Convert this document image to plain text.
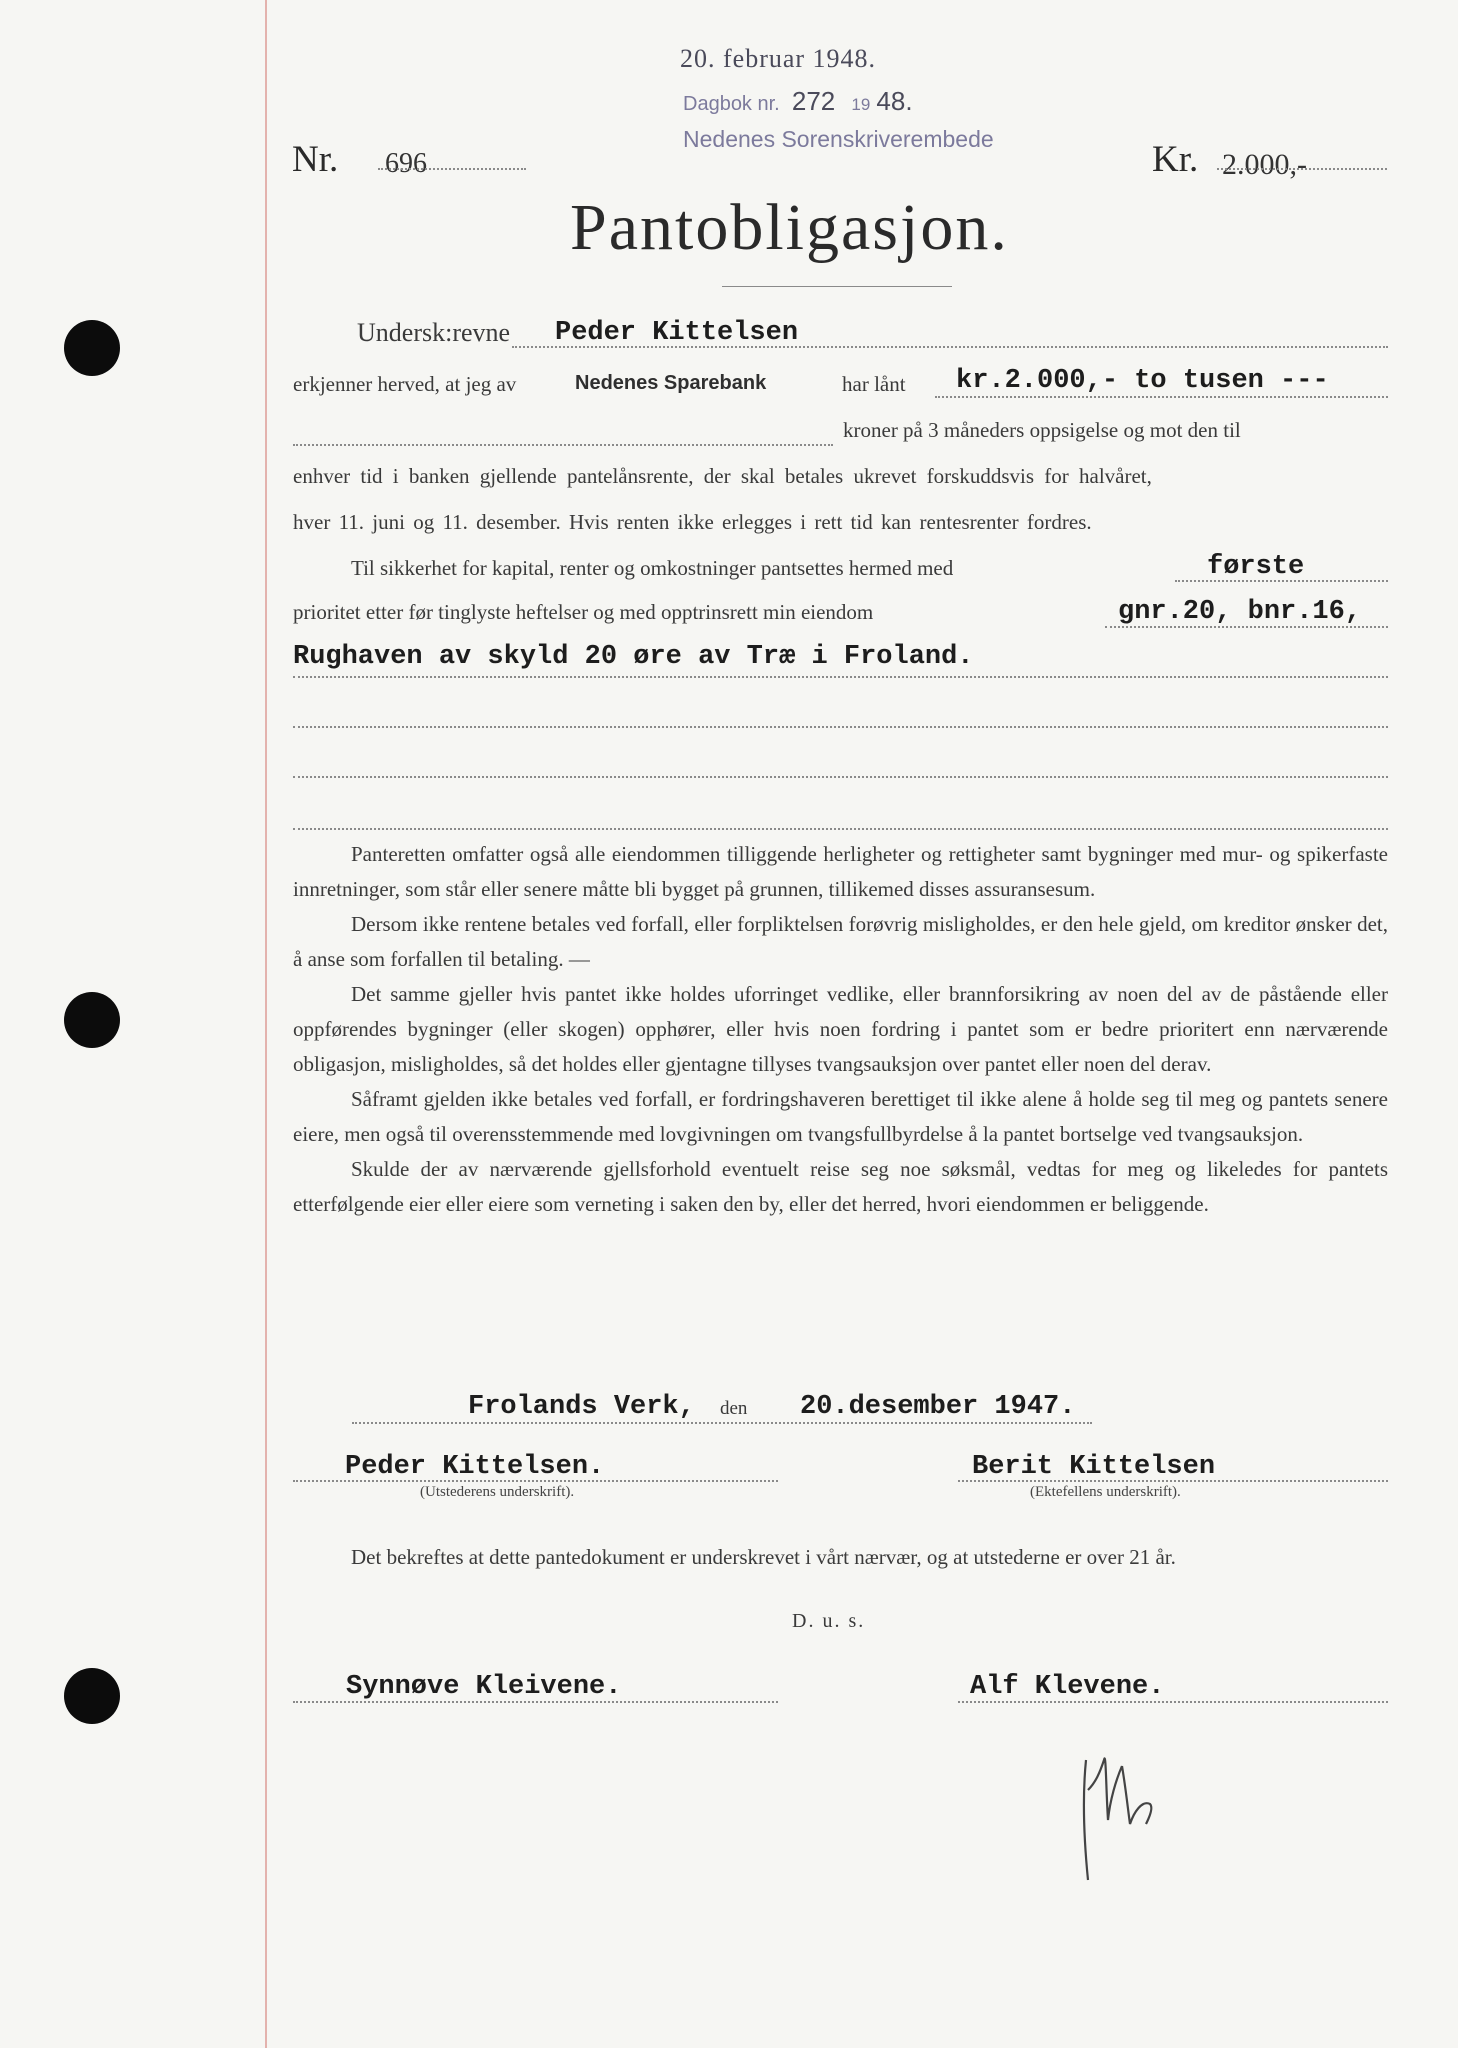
20. februar 1948.
Dagbok nr. 272 19 48.
Nedenes Sorenskriverembede
Nr. 696	Kr. 2.000,-
Pantobligasjon.
Undersk:revne Peder Kittelsen
erkjenner herved, at jeg av	Nedenes Sparebank	har lånt kr.2.000,- to tusen ---
kroner på 3 måneders oppsigelse og mot den til
enhver tid i banken gjellende pantelånsrente, der skal betales ukrevet forskuddsvis for halvåret,
hver 11. juni og 11. desember. Hvis renten ikke erlegges i rett tid kan rentesrenter fordres.
Til sikkerhet for kapital, renter og omkostninger pantsettes hermed med	første
prioritet etter før tinglyste heftelser og med opptrinsrett min eiendom	gnr.20, bnr.16,
Rughaven av skyld 20 øre av Træ i Froland.

Panteretten omfatter også alle eiendommen tilliggende herligheter og rettigheter samt bygninger med mur- og spikerfaste innretninger, som står eller senere måtte bli bygget på grunnen, tillikemed disses assuransesum.

Dersom ikke rentene betales ved forfall, eller forpliktelsen forøvrig misligholdes, er den hele gjeld, om kreditor ønsker det, å anse som forfallen til betaling. —

Det samme gjeller hvis pantet ikke holdes uforringet vedlike, eller brannforsikring av noen del av de påstående eller oppførendes bygninger (eller skogen) opphører, eller hvis noen fordring i pantet som er bedre prioritert enn nærværende obligasjon, misligholdes, så det holdes eller gjentagne tillyses tvangsauksjon over pantet eller noen del derav.

Såframt gjelden ikke betales ved forfall, er fordringshaveren berettiget til ikke alene å holde seg til meg og pantets senere eiere, men også til overensstemmende med lovgivningen om tvangsfullbyrdelse å la pantet bortselge ved tvangsauksjon.

Skulde der av nærværende gjellsforhold eventuelt reise seg noe søksmål, vedtas for meg og likeledes for pantets etterfølgende eier eller eiere som verneting i saken den by, eller det herred, hvori eiendommen er beliggende.

Frolands Verk, den 20.desember 1947.
Peder Kittelsen.
(Utstederens underskrift).
Berit Kittelsen
(Ektefellens underskrift).

Det bekreftes at dette pantedokument er underskrevet i vårt nærvær, og at utstederne er over 21 år.

D. u. s.
Synnøve Kleivene.	Alf Klevene.
